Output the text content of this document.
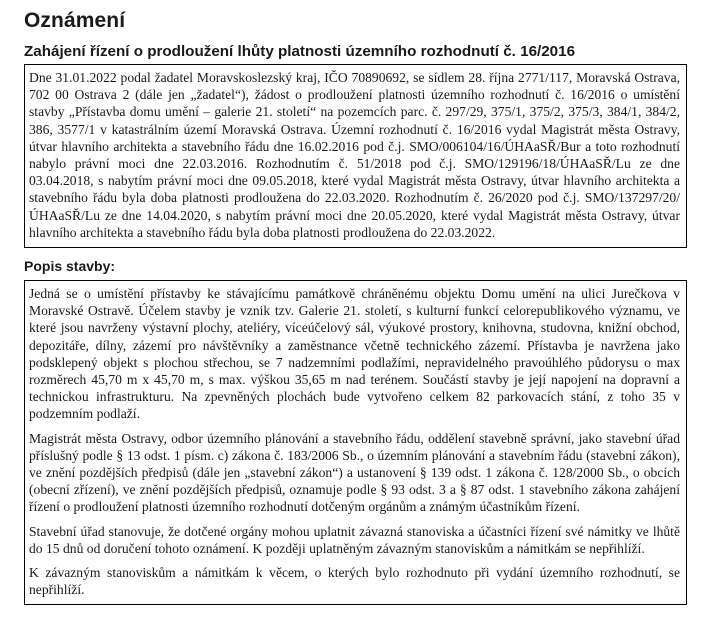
Oznámení
Zahájení řízení o prodloužení lhůty platnosti územního rozhodnutí č. 16/2016

Dne 31.01.2022 podal žadatel Moravskoslezský kraj, IČO 70890692, se sídlem 28. října 2771/117, Moravská Ostrava, 702 00 Ostrava 2 (dále jen „žadatel“), žádost o prodloužení platnosti územního rozhodnutí č. 16/2016 o umístění stavby „Přístavba domu umění – galerie 21. století“ na pozemcích parc. č. 297/29, 375/1, 375/2, 375/3, 384/1, 384/2, 386, 3577/1 v katastrálním území Moravská Ostrava. Územní rozhodnutí č. 16/2016 vydal Magistrát města Ostravy, útvar hlavního architekta a stavebního řádu dne 16.02.2016 pod č.j. SMO/006104/16/ÚHAaSŘ/Bur a toto rozhodnutí nabylo právní moci dne 22.03.2016. Rozhodnutím č. 51/2018 pod č.j. SMO/129196/18/ÚHAaSŘ/Lu ze dne 03.04.2018, s nabytím právní moci dne 09.05.2018, které vydal Magistrát města Ostravy, útvar hlavního architekta a stavebního řádu byla doba platnosti prodloužena do 22.03.2020. Rozhodnutím č. 26/2020 pod č.j. SMO/137297/20/ÚHAaSŘ/Lu ze dne 14.04.2020, s nabytím právní moci dne 20.05.2020, které vydal Magistrát města Ostravy, útvar hlavního architekta a stavebního řádu byla doba platnosti prodloužena do 22.03.2022.

Popis stavby:

Jedná se o umístění přístavby ke stávajícímu památkově chráněnému objektu Domu umění na ulici Jurečkova v Moravské Ostravě. Účelem stavby je vznik tzv. Galerie 21. století, s kulturní funkcí celorepublikového významu, ve které jsou navrženy výstavní plochy, ateliéry, víceúčelový sál, výukové prostory, knihovna, studovna, knižní obchod, depozitáře, dílny, zázemí pro návštěvníky a zaměstnance včetně technického zázemí. Přístavba je navržena jako podsklepený objekt s plochou střechou, se 7 nadzemními podlažími, nepravidelného pravoúhlého půdorysu o max rozměrech 45,70 m x 45,70 m, s max. výškou 35,65 m nad terénem. Součástí stavby je její napojení na dopravní a technickou infrastrukturu. Na zpevněných plochách bude vytvořeno celkem 82 parkovacích stání, z toho 35 v podzemním podlaží.

Magistrát města Ostravy, odbor územního plánování a stavebního řádu, oddělení stavebně správní, jako stavební úřad příslušný podle § 13 odst. 1 písm. c) zákona č. 183/2006 Sb., o územním plánování a stavebním řádu (stavební zákon), ve znění pozdějších předpisů (dále jen „stavební zákon“) a ustanovení § 139 odst. 1 zákona č. 128/2000 Sb., o obcích (obecní zřízení), ve znění pozdějších předpisů, oznamuje podle § 93 odst. 3 a § 87 odst. 1 stavebního zákona zahájení řízení o prodloužení platnosti územního rozhodnutí dotčeným orgánům a známým účastníkům řízení.

Stavební úřad stanovuje, že dotčené orgány mohou uplatnit závazná stanoviska a účastníci řízení své námitky ve lhůtě do 15 dnů od doručení tohoto oznámení. K později uplatněným závazným stanoviskům a námitkám se nepřihlíží.

K závazným stanoviskům a námitkám k věcem, o kterých bylo rozhodnuto při vydání územního rozhodnutí, se nepřihlíží.
